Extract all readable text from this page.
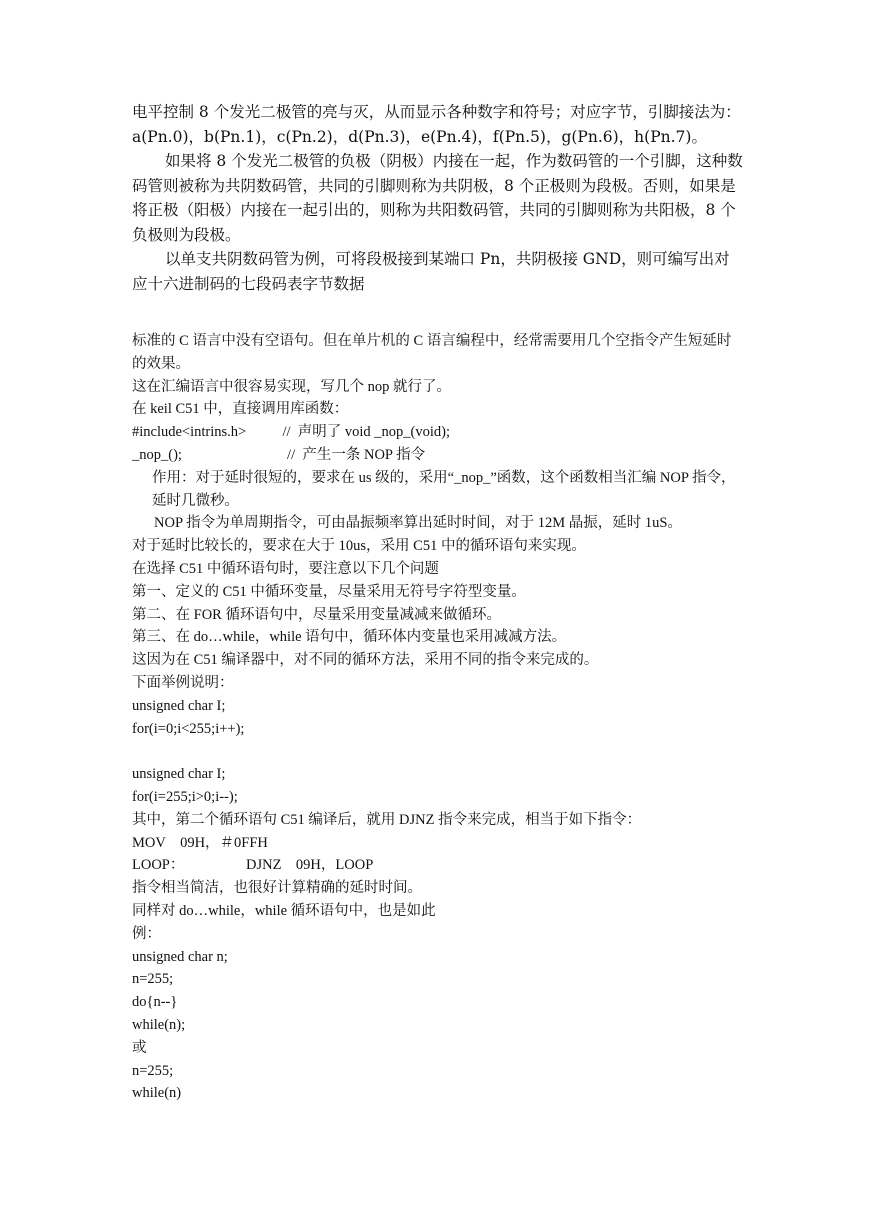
电平控制 8 个发光二极管的亮与灭，从而显示各种数字和符号；对应字节，引脚接法为：a(Pn.0)，b(Pn.1)，c(Pn.2)，d(Pn.3)，e(Pn.4)，f(Pn.5)，g(Pn.6)，h(Pn.7)。

如果将 8 个发光二极管的负极（阴极）内接在一起，作为数码管的一个引脚，这种数码管则被称为共阴数码管，共同的引脚则称为共阴极，8 个正极则为段极。否则，如果是将正极（阳极）内接在一起引出的，则称为共阳数码管，共同的引脚则称为共阳极，8 个负极则为段极。

以单支共阴数码管为例，可将段极接到某端口 Pn，共阴极接 GND，则可编写出对应十六进制码的七段码表字节数据

标准的 C 语言中没有空语句。但在单片机的 C 语言编程中，经常需要用几个空指令产生短延时的效果。
这在汇编语言中很容易实现，写几个 nop 就行了。
在 keil C51 中，直接调用库函数：
#include<intrins.h>          //  声明了 void _nop_(void);
_nop_();                             //  产生一条 NOP 指令
作用：对于延时很短的，要求在 us 级的，采用“_nop_”函数，这个函数相当汇编 NOP 指令，延时几微秒。
NOP 指令为单周期指令，可由晶振频率算出延时时间，对于 12M 晶振，延时 1uS。
对于延时比较长的，要求在大于 10us，采用 C51 中的循环语句来实现。
在选择 C51 中循环语句时，要注意以下几个问题
第一、定义的 C51 中循环变量，尽量采用无符号字符型变量。
第二、在 FOR 循环语句中，尽量采用变量减减来做循环。
第三、在 do…while，while 语句中，循环体内变量也采用减减方法。
这因为在 C51 编译器中，对不同的循环方法，采用不同的指令来完成的。
下面举例说明：
unsigned char I;
for(i=0;i<255;i++);
unsigned char I;
for(i=255;i>0;i--);
其中，第二个循环语句 C51 编译后，就用 DJNZ 指令来完成，相当于如下指令：
MOV    09H，＃0FFH
LOOP：                 DJNZ    09H，LOOP
指令相当简洁，也很好计算精确的延时时间。
同样对 do…while，while 循环语句中，也是如此
例：
unsigned char n;
n=255;
do{n--}
while(n);
或
n=255;
while(n)
